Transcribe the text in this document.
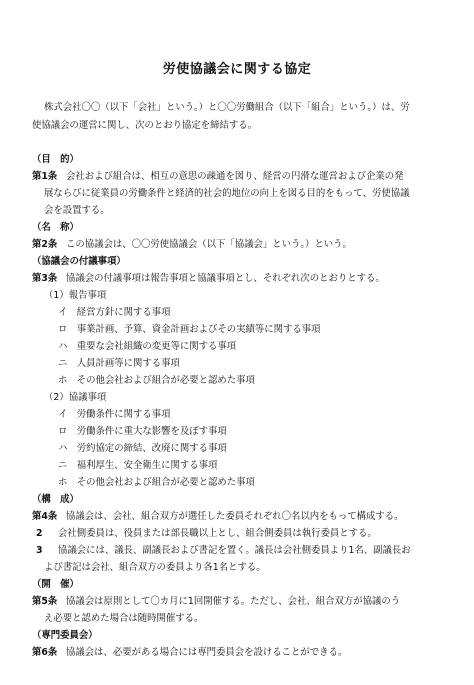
労使協議会に関する協定
株式会社〇〇（以下「会社」という。）と〇〇労働組合（以下「組合」という。）は、労
使協議会の運営に関し、次のとおり協定を締結する。
（目　的）
第1条 会社および組合は、相互の意思の疎通を図り、経営の円滑な運営および企業の発
展ならびに従業員の労働条件と経済的社会的地位の向上を図る目的をもって、労使協議
会を設置する。
（名　称）
第2条 この協議会は、〇〇労使協議会（以下「協議会」という。）という。
（協議会の付議事項）
第3条 協議会の付議事項は報告事項と協議事項とし、それぞれ次のとおりとする。
（1）報告事項
イ　経営方針に関する事項
ロ　事業計画、予算、資金計画およびその実績等に関する事項
ハ　重要な会社組織の変更等に関する事項
ニ　人員計画等に関する事項
ホ　その他会社および組合が必要と認めた事項
（2）協議事項
イ　労働条件に関する事項
ロ　労働条件に重大な影響を及ぼす事項
ハ　労約協定の締結、改廃に関する事項
ニ　福利厚生、安全衛生に関する事項
ホ　その他会社および組合が必要と認めた事項
（構　成）
第4条 協議会は、会社、組合双方が選任した委員それぞれ〇名以内をもって構成する。
2 会社側委員は、役員または部長職以上とし、組合側委員は執行委員とする。
3 協議会には、議長、副議長および書記を置く。議長は会社側委員より1名、副議長お
よび書記は会社、組合双方の委員より各1名とする。
（開　催）
第5条 協議会は原則として〇カ月に1回開催する。ただし、会社、組合双方が協議のう
え必要と認めた場合は随時開催する。
（専門委員会）
第6条 協議会は、必要がある場合には専門委員会を設けることができる。
